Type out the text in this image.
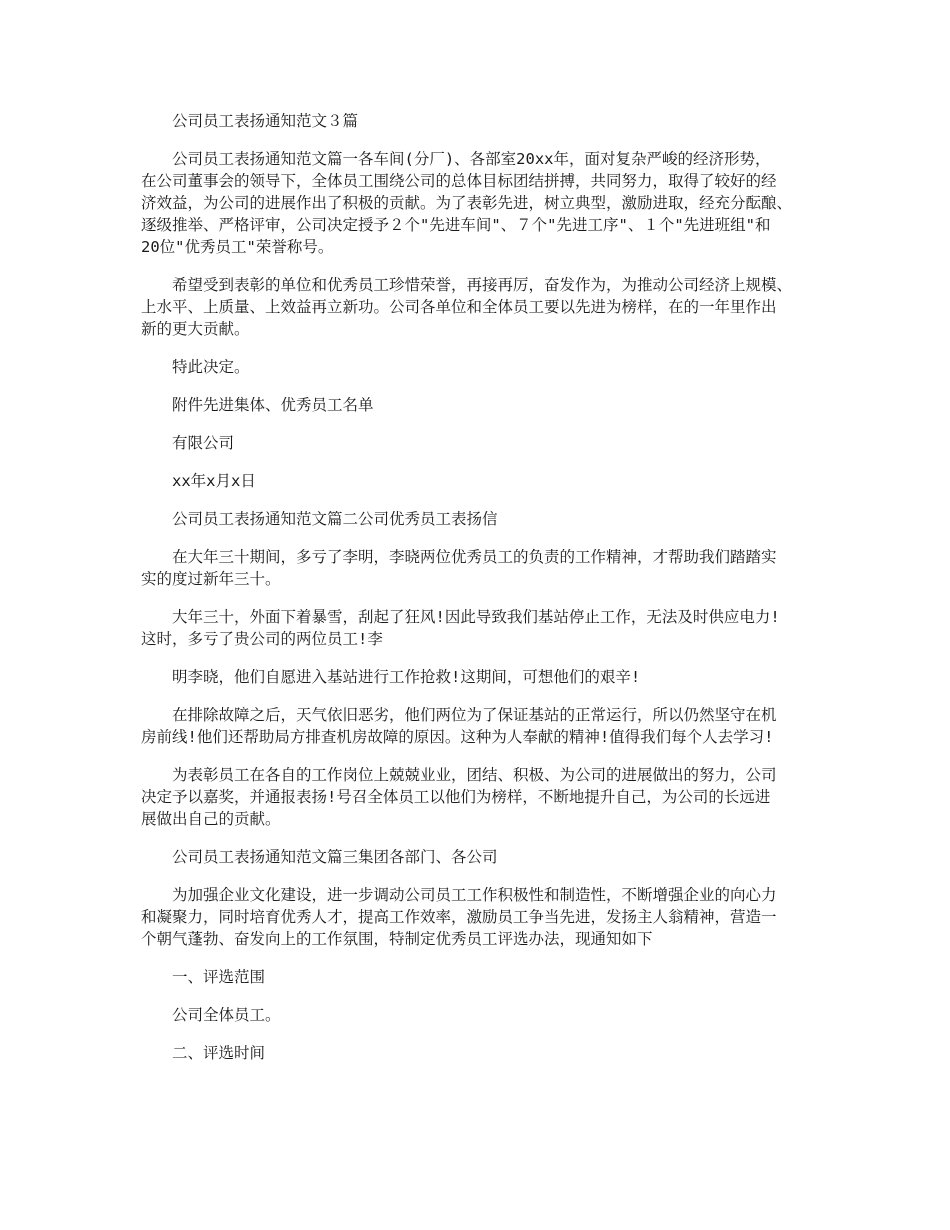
公司员工表扬通知范文３篇

公司员工表扬通知范文篇一各车间(分厂)、各部室20xx年，面对复杂严峻的经济形势，
在公司董事会的领导下，全体员工围绕公司的总体目标团结拼搏，共同努力，取得了较好的经
济效益，为公司的进展作出了积极的贡献。为了表彰先进，树立典型，激励进取，经充分酝酿、
逐级推举、严格评审，公司决定授予２个"先进车间"、７个"先进工序"、１个"先进班组"和
20位"优秀员工"荣誉称号。

希望受到表彰的单位和优秀员工珍惜荣誉，再接再厉，奋发作为，为推动公司经济上规模、
上水平、上质量、上效益再立新功。公司各单位和全体员工要以先进为榜样，在的一年里作出
新的更大贡献。

特此决定。

附件先进集体、优秀员工名单

有限公司

xx年x月x日

公司员工表扬通知范文篇二公司优秀员工表扬信

在大年三十期间，多亏了李明，李晓两位优秀员工的负责的工作精神，才帮助我们踏踏实
实的度过新年三十。

大年三十，外面下着暴雪，刮起了狂风!因此导致我们基站停止工作，无法及时供应电力!
这时，多亏了贵公司的两位员工!李

明李晓，他们自愿进入基站进行工作抢救!这期间，可想他们的艰辛!

在排除故障之后，天气依旧恶劣，他们两位为了保证基站的正常运行，所以仍然坚守在机
房前线!他们还帮助局方排查机房故障的原因。这种为人奉献的精神!值得我们每个人去学习!

为表彰员工在各自的工作岗位上兢兢业业，团结、积极、为公司的进展做出的努力，公司
决定予以嘉奖，并通报表扬!号召全体员工以他们为榜样，不断地提升自己，为公司的长远进
展做出自己的贡献。

公司员工表扬通知范文篇三集团各部门、各公司

为加强企业文化建设，进一步调动公司员工工作积极性和制造性，不断增强企业的向心力
和凝聚力，同时培育优秀人才，提高工作效率，激励员工争当先进，发扬主人翁精神，营造一
个朝气蓬勃、奋发向上的工作氛围，特制定优秀员工评选办法，现通知如下

一、评选范围

公司全体员工。

二、评选时间
